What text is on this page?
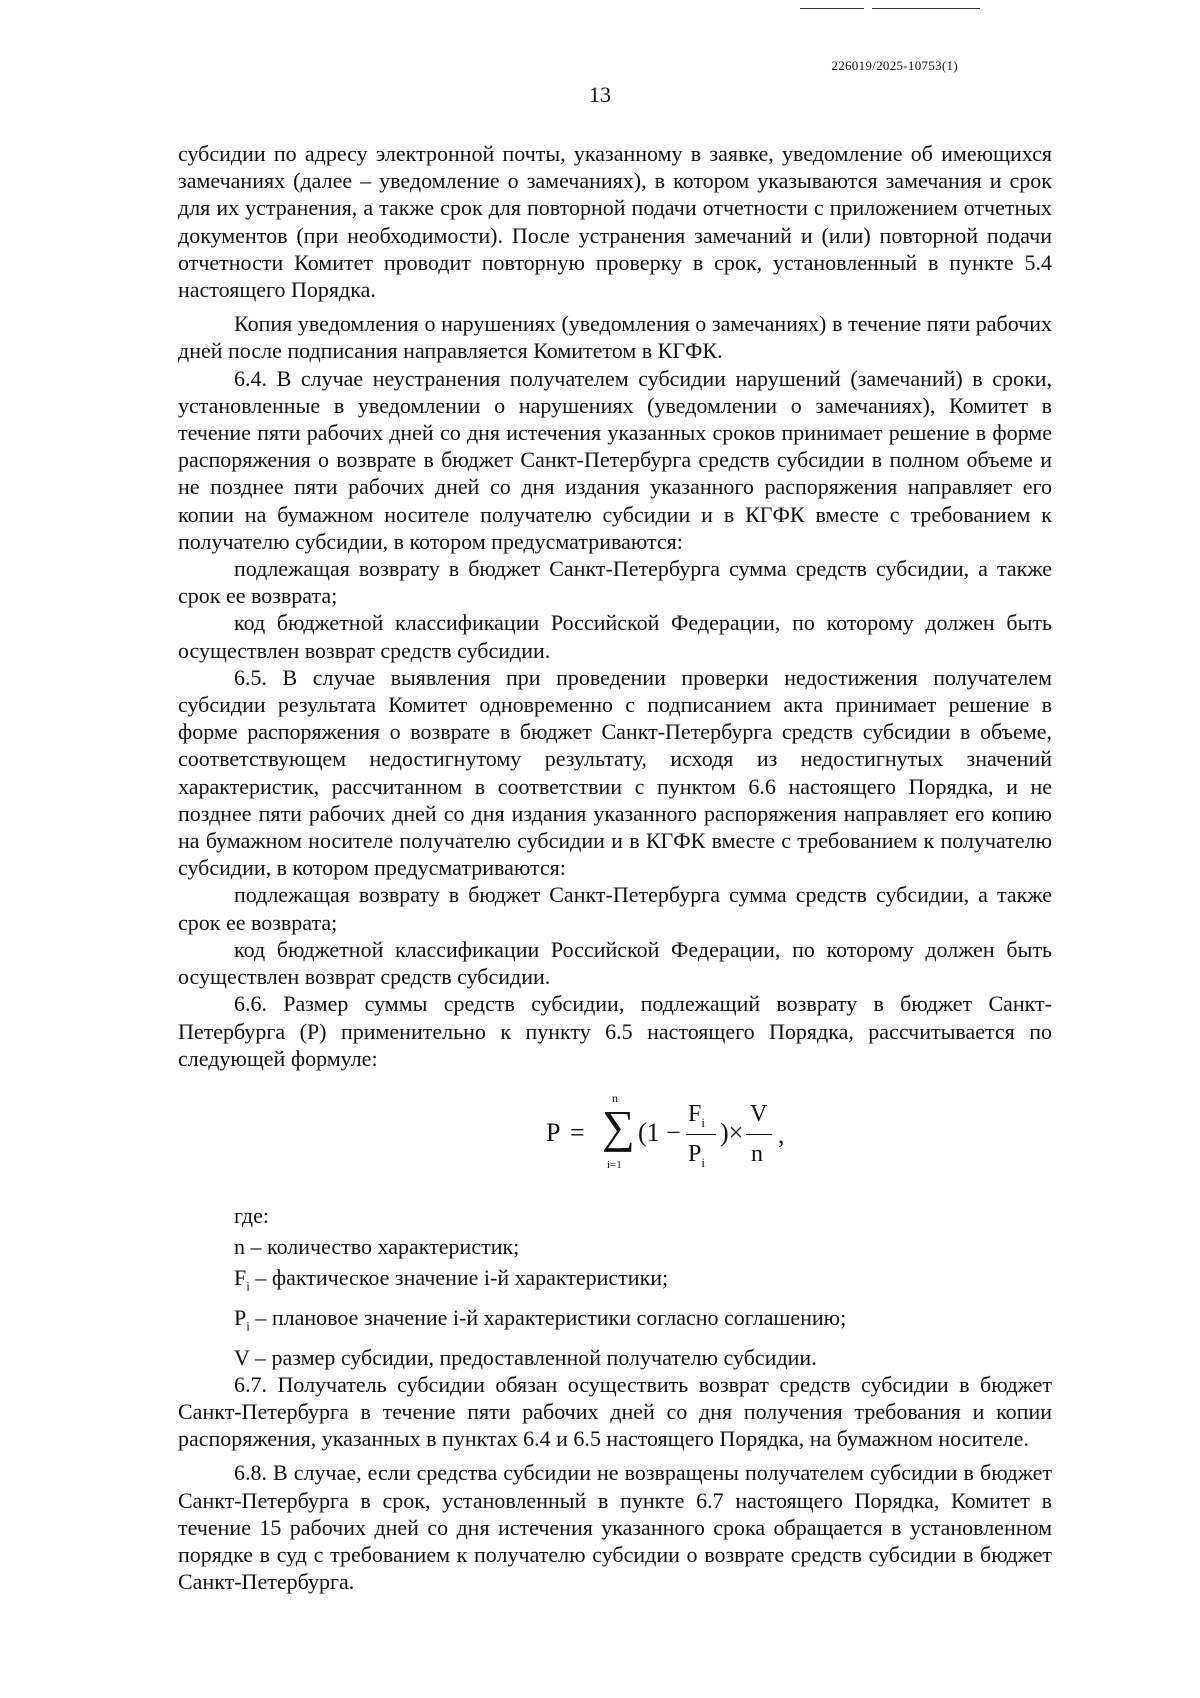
226019/2025-10753(1)
13

субсидии по адресу электронной почты, указанному в заявке, уведомление об имеющихся замечаниях (далее – уведомление о замечаниях), в котором указываются замечания и срок для их устранения, а также срок для повторной подачи отчетности с приложением отчетных документов (при необходимости). После устранения замечаний и (или) повторной подачи отчетности Комитет проводит повторную проверку в срок, установленный в пункте 5.4 настоящего Порядка.

Копия уведомления о нарушениях (уведомления о замечаниях) в течение пяти рабочих дней после подписания направляется Комитетом в КГФК.

6.4. В случае неустранения получателем субсидии нарушений (замечаний) в сроки, установленные в уведомлении о нарушениях (уведомлении о замечаниях), Комитет в течение пяти рабочих дней со дня истечения указанных сроков принимает решение в форме распоряжения о возврате в бюджет Санкт-Петербурга средств субсидии в полном объеме и не позднее пяти рабочих дней со дня издания указанного распоряжения направляет его копии на бумажном носителе получателю субсидии и в КГФК вместе с требованием к получателю субсидии, в котором предусматриваются:

подлежащая возврату в бюджет Санкт-Петербурга сумма средств субсидии, а также срок ее возврата;

код бюджетной классификации Российской Федерации, по которому должен быть осуществлен возврат средств субсидии.

6.5. В случае выявления при проведении проверки недостижения получателем субсидии результата Комитет одновременно с подписанием акта принимает решение в форме распоряжения о возврате в бюджет Санкт-Петербурга средств субсидии в объеме, соответствующем недостигнутому результату, исходя из недостигнутых значений характеристик, рассчитанном в соответствии с пунктом 6.6 настоящего Порядка, и не позднее пяти рабочих дней со дня издания указанного распоряжения направляет его копию на бумажном носителе получателю субсидии и в КГФК вместе с требованием к получателю субсидии, в котором предусматриваются:

подлежащая возврату в бюджет Санкт-Петербурга сумма средств субсидии, а также срок ее возврата;

код бюджетной классификации Российской Федерации, по которому должен быть осуществлен возврат средств субсидии.

6.6. Размер суммы средств субсидии, подлежащий возврату в бюджет Санкт-Петербурга (Р) применительно к пункту 6.5 настоящего Порядка, рассчитывается по следующей формуле:

P = ∑
n
i=1
(1 −
$F_i$
$P_i$
)×
V
n
,

где:

n – количество характеристик;

$F_i$ – фактическое значение i-й характеристики;

$P_i$ – плановое значение i-й характеристики согласно соглашению;

V – размер субсидии, предоставленной получателю субсидии.

6.7. Получатель субсидии обязан осуществить возврат средств субсидии в бюджет Санкт-Петербурга в течение пяти рабочих дней со дня получения требования и копии распоряжения, указанных в пунктах 6.4 и 6.5 настоящего Порядка, на бумажном носителе.

6.8. В случае, если средства субсидии не возвращены получателем субсидии в бюджет Санкт-Петербурга в срок, установленный в пункте 6.7 настоящего Порядка, Комитет в течение 15 рабочих дней со дня истечения указанного срока обращается в установленном порядке в суд с требованием к получателю субсидии о возврате средств субсидии в бюджет Санкт-Петербурга.
